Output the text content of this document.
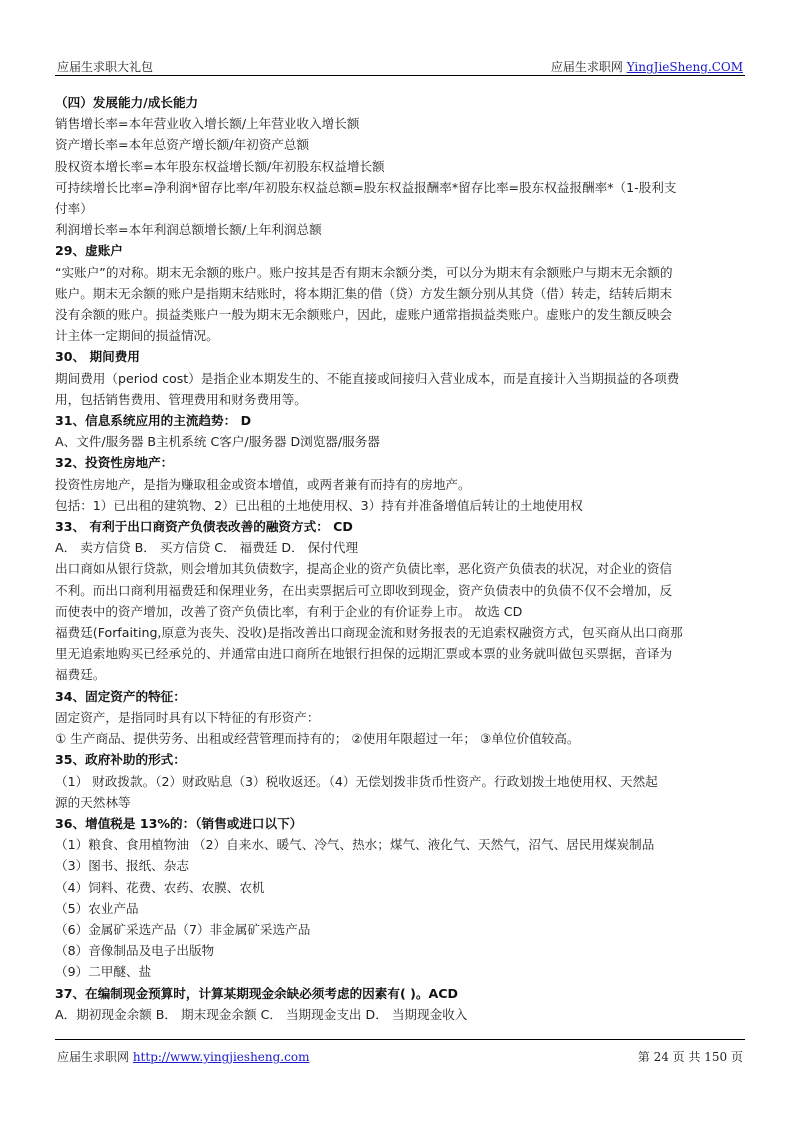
应届生求职大礼包	应届生求职网 YingJieSheng.COM
（四）发展能力/成长能力
销售增长率=本年营业收入增长额/上年营业收入增长额
资产增长率=本年总资产增长额/年初资产总额
股权资本增长率=本年股东权益增长额/年初股东权益增长额
可持续增长比率=净利润*留存比率/年初股东权益总额=股东权益报酬率*留存比率=股东权益报酬率*（1-股利支
付率）
利润增长率=本年利润总额增长额/上年利润总额
29、虚账户
“实账户”的对称。期末无余额的账户。账户按其是否有期末余额分类，可以分为期末有余额账户与期末无余额的
账户。期末无余额的账户是指期末结账时，将本期汇集的借（贷）方发生额分别从其贷（借）转走，结转后期末
没有余额的账户。损益类账户一般为期末无余额账户，因此，虚账户通常指损益类账户。虚账户的发生额反映会
计主体一定期间的损益情况。
30、 期间费用
期间费用（period cost）是指企业本期发生的、不能直接或间接归入营业成本，而是直接计入当期损益的各项费
用，包括销售费用、管理费用和财务费用等。
31、信息系统应用的主流趋势： D
A、文件/服务器 B主机系统 C客户/服务器 D浏览器/服务器
32、投资性房地产：
投资性房地产，是指为赚取租金或资本增值，或两者兼有而持有的房地产。
包括：1）已出租的建筑物、2）已出租的土地使用权、3）持有并准备增值后转让的土地使用权
33、 有利于出口商资产负债表改善的融资方式： CD
A． 卖方信贷 B． 买方信贷 C． 福费廷 D． 保付代理
出口商如从银行贷款，则会增加其负债数字，提高企业的资产负债比率，恶化资产负债表的状况，对企业的资信
不利。而出口商利用福费廷和保理业务，在出卖票据后可立即收到现金，资产负债表中的负债不仅不会增加，反
而使表中的资产增加，改善了资产负债比率，有利于企业的有价证券上市。 故选 CD
福费廷(Forfaiting,原意为丧失、没收)是指改善出口商现金流和财务报表的无追索权融资方式，包买商从出口商那
里无追索地购买已经承兑的、并通常由进口商所在地银行担保的远期汇票或本票的业务就叫做包买票据，音译为
福费廷。
34、固定资产的特征：
固定资产，是指同时具有以下特征的有形资产：
① 生产商品、提供劳务、出租或经营管理而持有的； ②使用年限超过一年； ③单位价值较高。
35、政府补助的形式：
（1） 财政拨款。（2）财政贴息（3）税收返还。（4）无偿划拨非货币性资产。行政划拨土地使用权、天然起
源的天然林等
36、增值税是 13%的：（销售或进口以下）
（1）粮食、食用植物油 （2）自来水、暖气、冷气、热水；煤气、液化气、天然气，沼气、居民用煤炭制品
（3）图书、报纸、杂志
（4）饲料、花费、农药、农膜、农机
（5）农业产品
（6）金属矿采选产品（7）非金属矿采选产品
（8）音像制品及电子出版物
（9）二甲醚、盐
37、在编制现金预算时，计算某期现金余缺必须考虑的因素有( )。ACD
A．期初现金余额 B． 期末现金余额 C． 当期现金支出 D． 当期现金收入
应届生求职网 http://www.yingjiesheng.com	第 24 页 共 150 页
